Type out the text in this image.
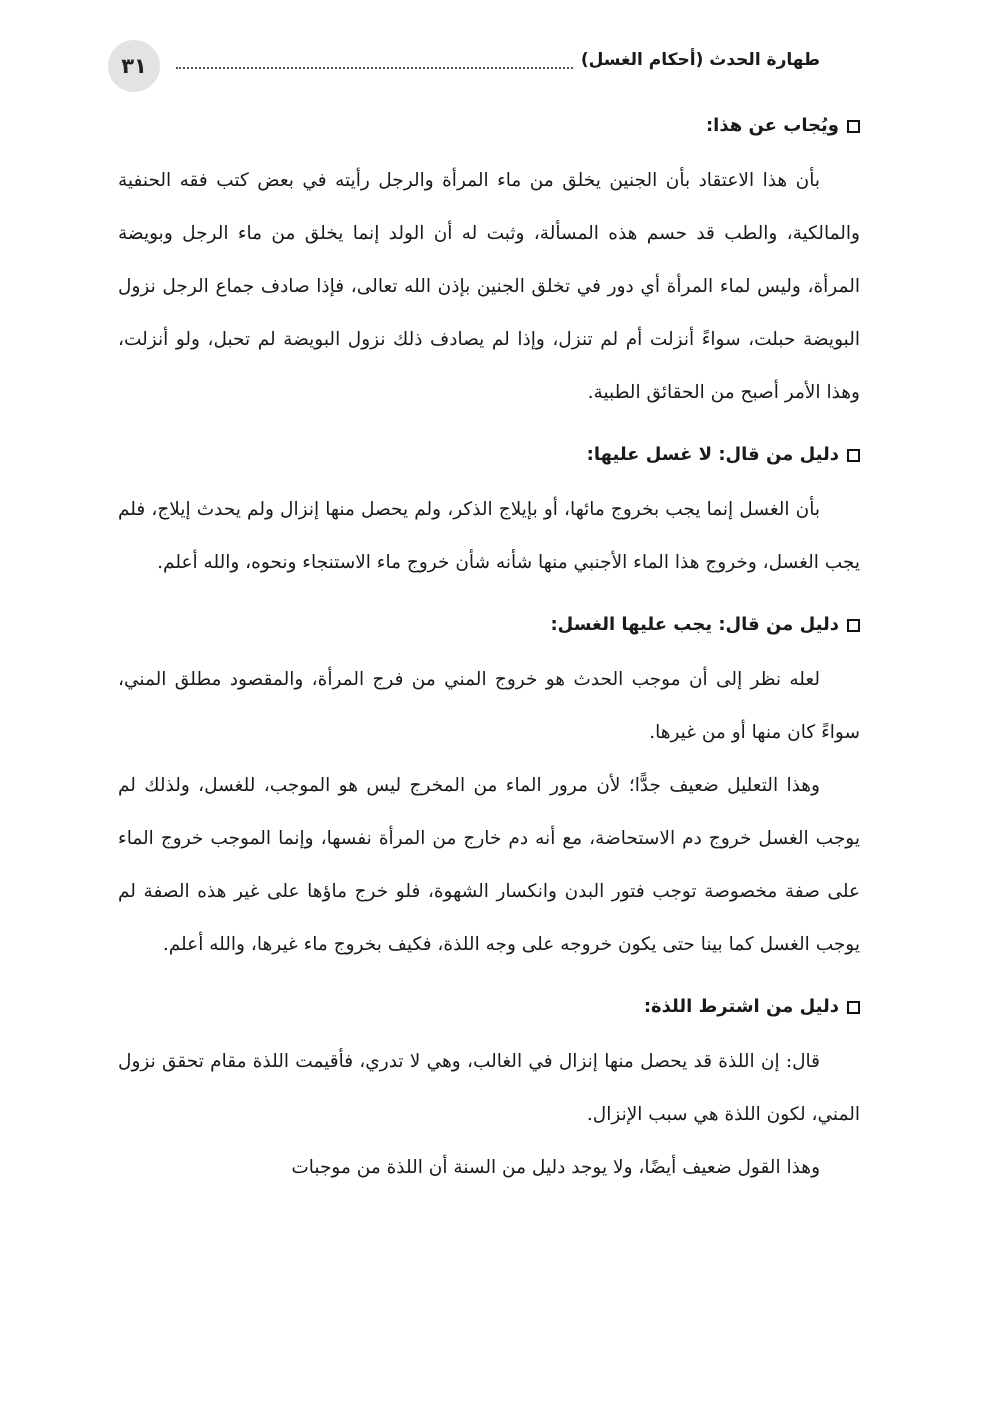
طهارة الحدث (أحكام الغسل)
٣١
ويُجاب عن هذا:

بأن هذا الاعتقاد بأن الجنين يخلق من ماء المرأة والرجل رأيته في بعض كتب فقه الحنفية والمالكية، والطب قد حسم هذه المسألة، وثبت له أن الولد إنما يخلق من ماء الرجل وبويضة المرأة، وليس لماء المرأة أي دور في تخلق الجنين بإذن الله تعالى، فإذا صادف جماع الرجل نزول البويضة حبلت، سواءً أنزلت أم لم تنزل، وإذا لم يصادف ذلك نزول البويضة لم تحبل، ولو أنزلت، وهذا الأمر أصبح من الحقائق الطبية.

دليل من قال: لا غسل عليها:

بأن الغسل إنما يجب بخروج مائها، أو بإيلاج الذكر، ولم يحصل منها إنزال ولم يحدث إيلاج، فلم يجب الغسل، وخروج هذا الماء الأجنبي منها شأنه شأن خروج ماء الاستنجاء ونحوه، والله أعلم.

دليل من قال: يجب عليها الغسل:

لعله نظر إلى أن موجب الحدث هو خروج المني من فرج المرأة، والمقصود مطلق المني، سواءً كان منها أو من غيرها.

وهذا التعليل ضعيف جدًّا؛ لأن مرور الماء من المخرج ليس هو الموجب، للغسل، ولذلك لم يوجب الغسل خروج دم الاستحاضة، مع أنه دم خارج من المرأة نفسها، وإنما الموجب خروج الماء على صفة مخصوصة توجب فتور البدن وانكسار الشهوة، فلو خرج ماؤها على غير هذه الصفة لم يوجب الغسل كما بينا حتى يكون خروجه على وجه اللذة، فكيف بخروج ماء غيرها، والله أعلم.

دليل من اشترط اللذة:

قال: إن اللذة قد يحصل منها إنزال في الغالب، وهي لا تدري، فأقيمت اللذة مقام تحقق نزول المني، لكون اللذة هي سبب الإنزال.

وهذا القول ضعيف أيضًا، ولا يوجد دليل من السنة أن اللذة من موجبات
